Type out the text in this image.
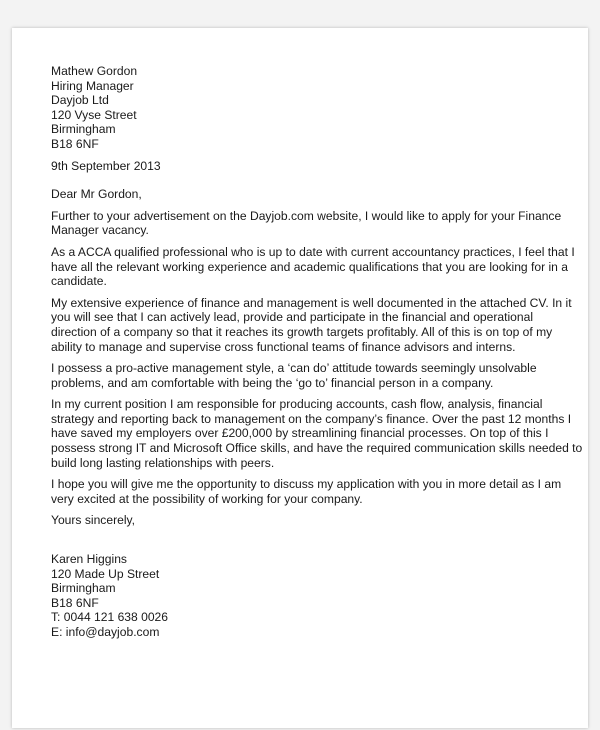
Mathew Gordon
Hiring Manager
Dayjob Ltd
120 Vyse Street
Birmingham
B18 6NF
9th September 2013
Dear Mr Gordon,
Further to your advertisement on the Dayjob.com website, I would like to apply for your Finance
Manager vacancy.
As a ACCA qualified professional who is up to date with current accountancy practices, I feel that I
have all the relevant working experience and academic qualifications that you are looking for in a
candidate.
My extensive experience of finance and management is well documented in the attached CV. In it
you will see that I can actively lead, provide and participate in the financial and operational
direction of a company so that it reaches its growth targets profitably. All of this is on top of my
ability to manage and supervise cross functional teams of finance advisors and interns.
I possess a pro-active management style, a ‘can do’ attitude towards seemingly unsolvable
problems, and am comfortable with being the ‘go to’ financial person in a company.
In my current position I am responsible for producing accounts, cash flow, analysis, financial
strategy and reporting back to management on the company’s finance. Over the past 12 months I
have saved my employers over £200,000 by streamlining financial processes. On top of this I
possess strong IT and Microsoft Office skills, and have the required communication skills needed to
build long lasting relationships with peers.
I hope you will give me the opportunity to discuss my application with you in more detail as I am
very excited at the possibility of working for your company.
Yours sincerely,
Karen Higgins
120 Made Up Street
Birmingham
B18 6NF
T: 0044 121 638 0026
E: info@dayjob.com
